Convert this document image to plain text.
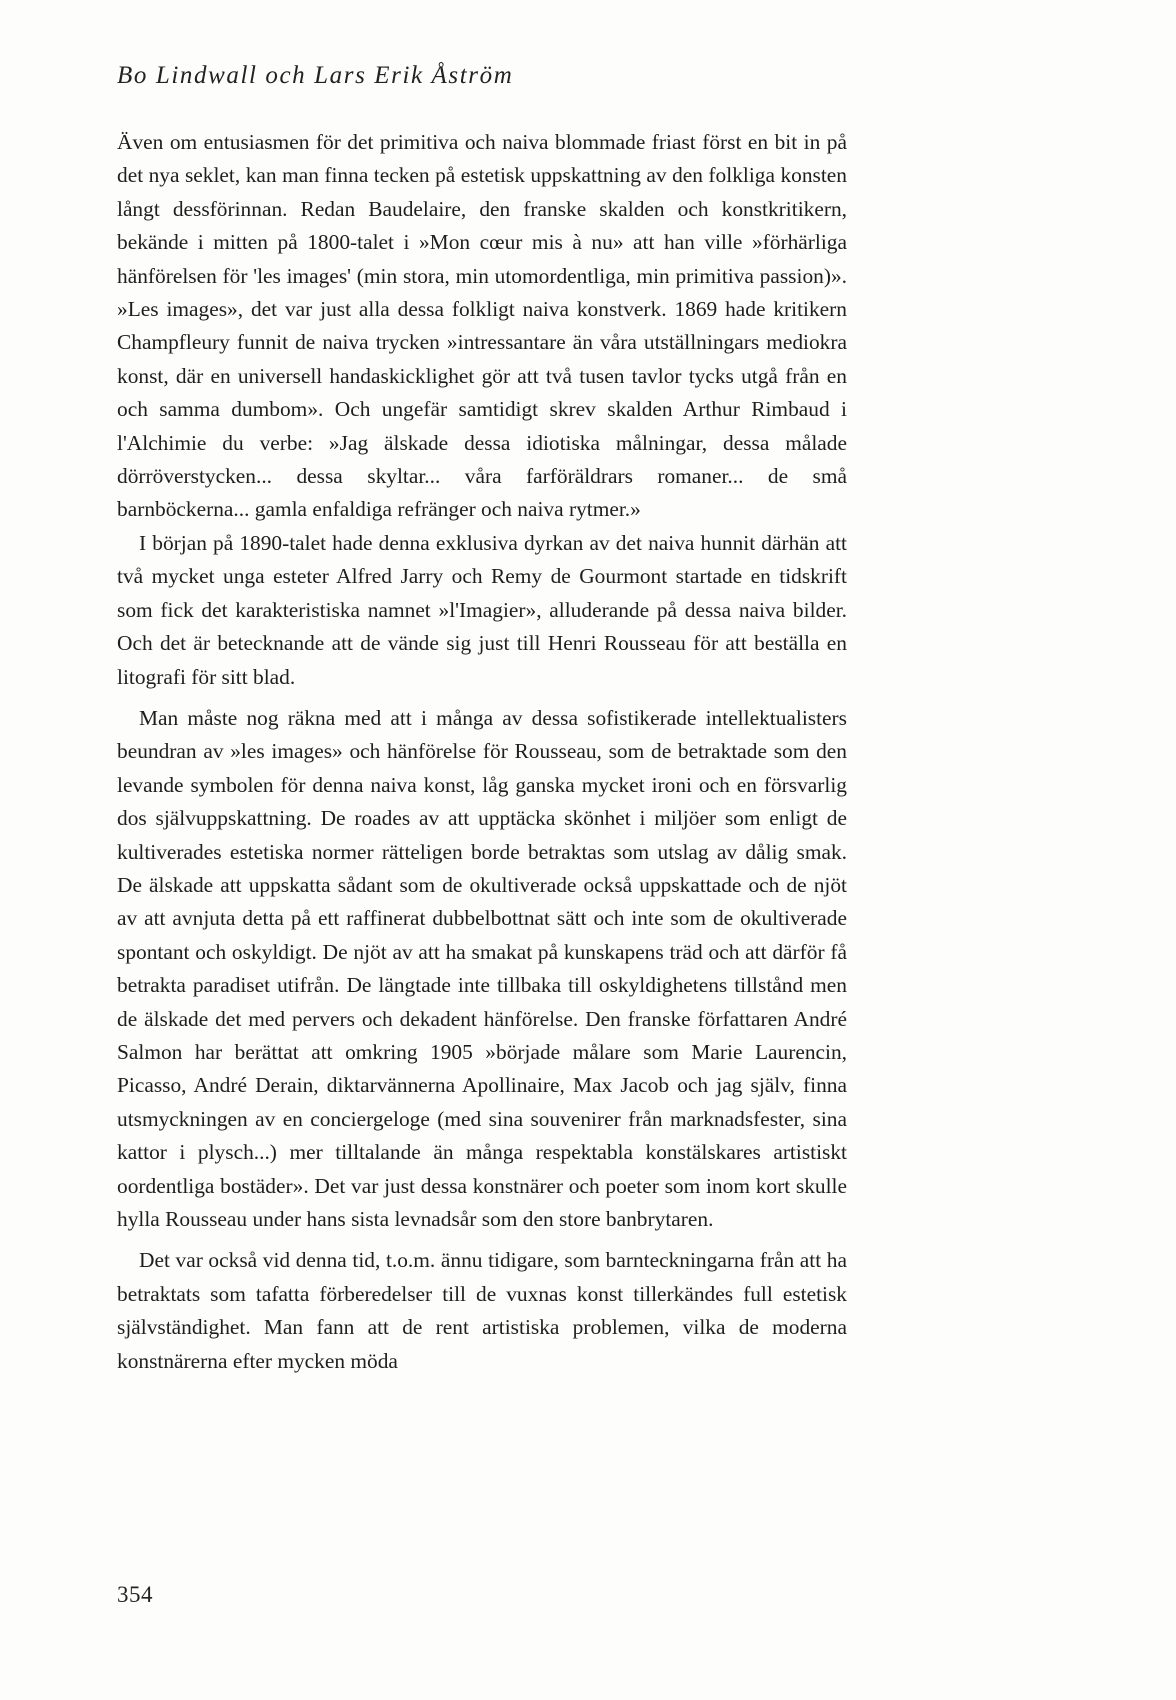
Bo Lindwall och Lars Erik Åström

Även om entusiasmen för det primitiva och naiva blommade friast först en bit in på det nya seklet, kan man finna tecken på estetisk uppskattning av den folkliga konsten långt dessförinnan. Redan Baudelaire, den franske skalden och konstkritikern, bekände i mitten på 1800-talet i »Mon cœur mis à nu» att han ville »förhärliga hänförelsen för 'les images' (min stora, min utomordentliga, min primitiva passion)». »Les images», det var just alla dessa folkligt naiva konstverk. 1869 hade kritikern Champfleury funnit de naiva trycken »intressantare än våra utställningars mediokra konst, där en universell handaskicklighet gör att två tusen tavlor tycks utgå från en och samma dumbom». Och ungefär samtidigt skrev skalden Arthur Rimbaud i l'Alchimie du verbe: »Jag älskade dessa idiotiska målningar, dessa målade dörröverstycken... dessa skyltar... våra farföräldrars romaner... de små barnböckerna... gamla enfaldiga refränger och naiva rytmer.»

I början på 1890-talet hade denna exklusiva dyrkan av det naiva hunnit därhän att två mycket unga esteter Alfred Jarry och Remy de Gourmont startade en tidskrift som fick det karakteristiska namnet »l'Imagier», alluderande på dessa naiva bilder. Och det är betecknande att de vände sig just till Henri Rousseau för att beställa en litografi för sitt blad.

Man måste nog räkna med att i många av dessa sofistikerade intellektualisters beundran av »les images» och hänförelse för Rousseau, som de betraktade som den levande symbolen för denna naiva konst, låg ganska mycket ironi och en försvarlig dos självuppskattning. De roades av att upptäcka skönhet i miljöer som enligt de kultiverades estetiska normer rätteligen borde betraktas som utslag av dålig smak. De älskade att uppskatta sådant som de okultiverade också uppskattade och de njöt av att avnjuta detta på ett raffinerat dubbelbottnat sätt och inte som de okultiverade spontant och oskyldigt. De njöt av att ha smakat på kunskapens träd och att därför få betrakta paradiset utifrån. De längtade inte tillbaka till oskyldighetens tillstånd men de älskade det med pervers och dekadent hänförelse. Den franske författaren André Salmon har berättat att omkring 1905 »började målare som Marie Laurencin, Picasso, André Derain, diktarvännerna Apollinaire, Max Jacob och jag själv, finna utsmyckningen av en conciergeloge (med sina souvenirer från marknadsfester, sina kattor i plysch...) mer tilltalande än många respektabla konstälskares artistiskt oordentliga bostäder». Det var just dessa konstnärer och poeter som inom kort skulle hylla Rousseau under hans sista levnadsår som den store banbrytaren.

Det var också vid denna tid, t.o.m. ännu tidigare, som barnteckningarna från att ha betraktats som tafatta förberedelser till de vuxnas konst tillerkändes full estetisk självständighet. Man fann att de rent artistiska problemen, vilka de moderna konstnärerna efter mycken möda

354
